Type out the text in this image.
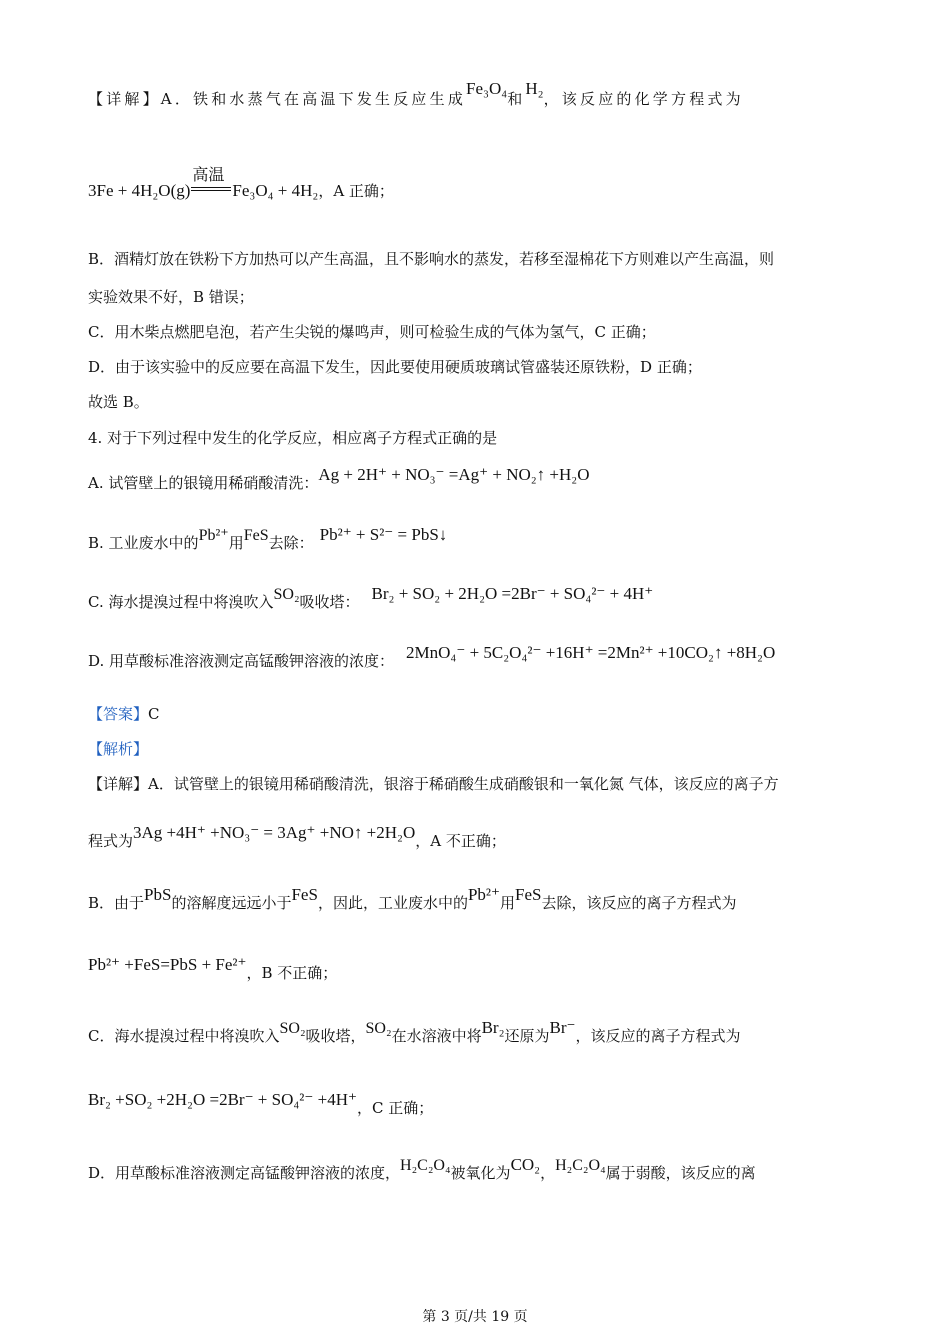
【详解】A．铁和水蒸气在高温下发生反应生成Fe₃O₄和H₂，该反应的化学方程式为
3Fe + 4H₂O(g)
高温
Fe₃O₄ + 4H₂，A 正确；
B．酒精灯放在铁粉下方加热可以产生高温，且不影响水的蒸发，若移至湿棉花下方则难以产生高温，则
实验效果不好，B 错误；
C．用木柴点燃肥皂泡，若产生尖锐的爆鸣声，则可检验生成的气体为氢气，C 正确；
D．由于该实验中的反应要在高温下发生，因此要使用硬质玻璃试管盛装还原铁粉，D 正确；
故选 B。
4. 对于下列过程中发生的化学反应，相应离子方程式正确的是
A. 试管壁上的银镜用稀硝酸清洗：Ag + 2H⁺ + NO₃⁻ =Ag⁺ + NO₂↑ +H₂O
B. 工业废水中的Pb²⁺用FeS去除： Pb²⁺ + S²⁻ = PbS↓
C. 海水提溴过程中将溴吹入SO₂吸收塔： Br₂ + SO₂ + 2H₂O =2Br⁻ + SO₄²⁻ + 4H⁺
D. 用草酸标准溶液测定高锰酸钾溶液的浓度： 2MnO₄⁻ + 5C₂O₄²⁻ +16H⁺ =2Mn²⁺ +10CO₂↑ +8H₂O
【答案】C
【解析】
【详解】A．试管壁上的银镜用稀硝酸清洗，银溶于稀硝酸生成硝酸银和一氧化氮 气体，该反应的离子方
程式为3Ag +4H⁺ +NO₃⁻ = 3Ag⁺ +NO↑ +2H₂O，A 不正确；
B．由于PbS的溶解度远远小于FeS，因此，工业废水中的Pb²⁺用FeS去除，该反应的离子方程式为
Pb²⁺ +FeS=PbS + Fe²⁺，B 不正确；
C．海水提溴过程中将溴吹入SO₂吸收塔，SO₂在水溶液中将Br₂还原为Br⁻，该反应的离子方程式为
Br₂ +SO₂ +2H₂O =2Br⁻ + SO₄²⁻ +4H⁺，C 正确；
D．用草酸标准溶液测定高锰酸钾溶液的浓度，H₂C₂O₄被氧化为CO₂，H₂C₂O₄属于弱酸，该反应的离
第 3 页/共 19 页
